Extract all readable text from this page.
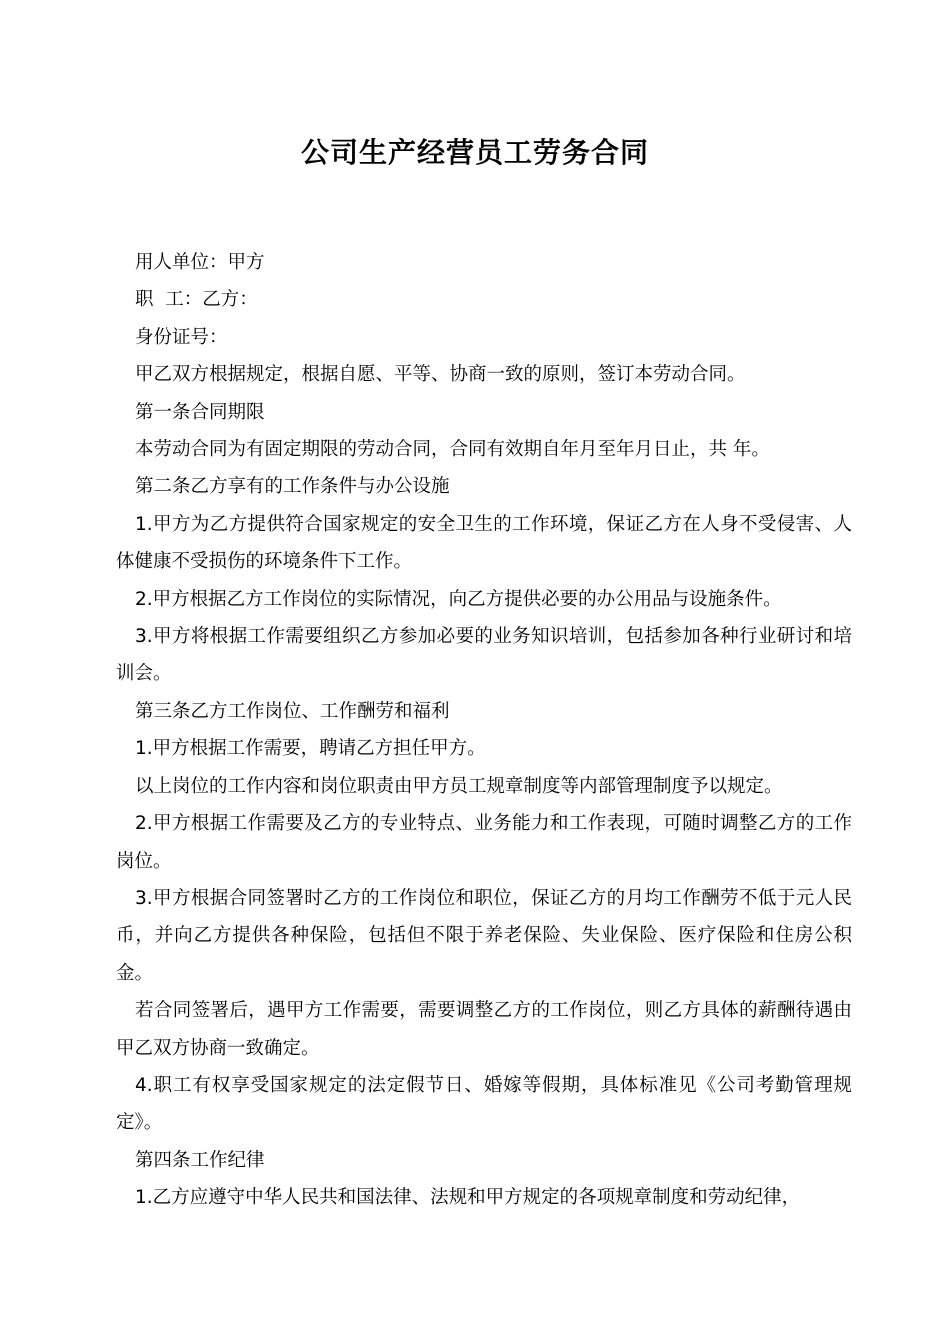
公司生产经营员工劳务合同

用人单位：甲方

职  工：乙方：

身份证号：

甲乙双方根据规定，根据自愿、平等、协商一致的原则，签订本劳动合同。

第一条合同期限

本劳动合同为有固定期限的劳动合同，合同有效期自年月至年月日止，共 年。

第二条乙方享有的工作条件与办公设施

1.甲方为乙方提供符合国家规定的安全卫生的工作环境，保证乙方在人身不受侵害、人体健康不受损伤的环境条件下工作。

2.甲方根据乙方工作岗位的实际情况，向乙方提供必要的办公用品与设施条件。

3.甲方将根据工作需要组织乙方参加必要的业务知识培训，包括参加各种行业研讨和培训会。

第三条乙方工作岗位、工作酬劳和福利

1.甲方根据工作需要，聘请乙方担任甲方。

以上岗位的工作内容和岗位职责由甲方员工规章制度等内部管理制度予以规定。

2.甲方根据工作需要及乙方的专业特点、业务能力和工作表现，可随时调整乙方的工作岗位。

3.甲方根据合同签署时乙方的工作岗位和职位，保证乙方的月均工作酬劳不低于元人民币，并向乙方提供各种保险，包括但不限于养老保险、失业保险、医疗保险和住房公积金。

若合同签署后，遇甲方工作需要，需要调整乙方的工作岗位，则乙方具体的薪酬待遇由甲乙双方协商一致确定。

4.职工有权享受国家规定的法定假节日、婚嫁等假期，具体标准见《公司考勤管理规定》。

第四条工作纪律

1.乙方应遵守中华人民共和国法律、法规和甲方规定的各项规章制度和劳动纪律，
